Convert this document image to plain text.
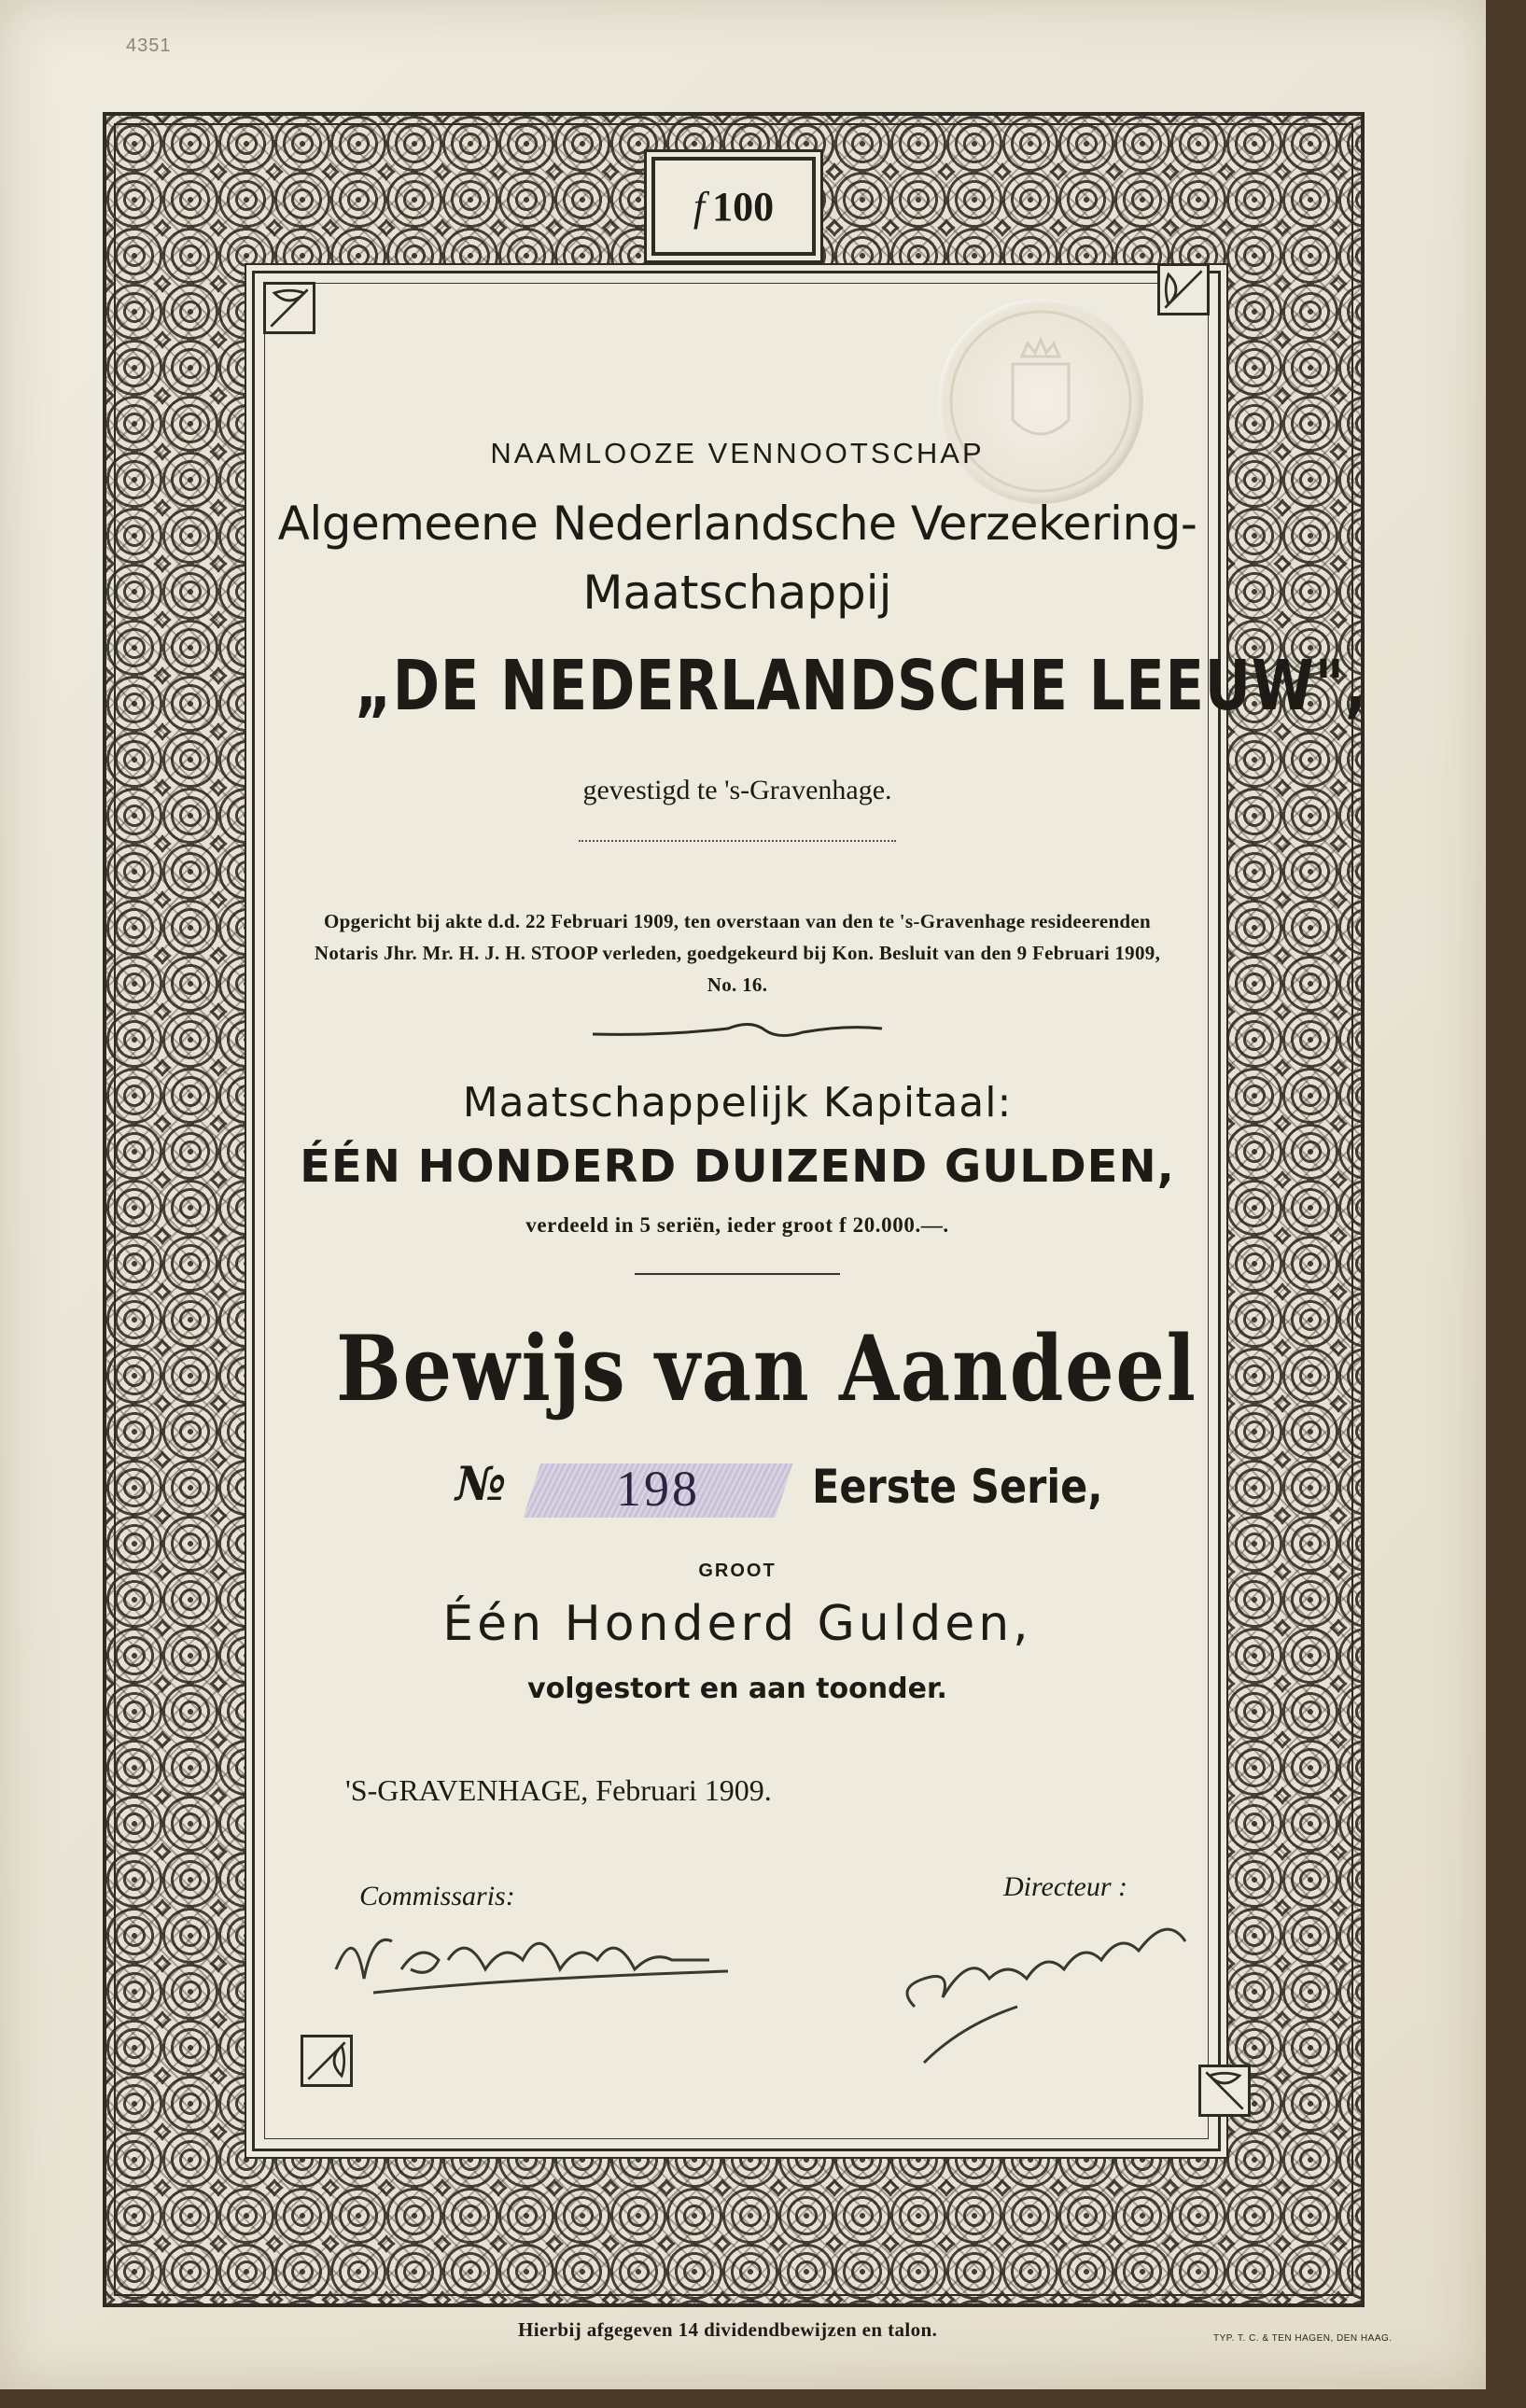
4351
f 100
NAAMLOOZE VENNOOTSCHAP
Algemeene Nederlandsche Verzekering-
Maatschappij
„DE NEDERLANDSCHE LEEUW",
gevestigd te 's-Gravenhage.
Opgericht bij akte d.d. 22 Februari 1909, ten overstaan van den te 's-Gravenhage residеerenden Notaris Jhr. Mr. H. J. H. STOOP verleden, goedgekeurd bij Kon. Besluit van den 9 Februari 1909, No. 16.
Maatschappelijk Kapitaal:
ÉÉN HONDERD DUIZEND GULDEN,
verdeeld in 5 seriën, ieder groot f 20.000.—.
Bewijs van Aandeel
№	198	Eerste Serie,
GROOT
Één Honderd Gulden,
volgestort en aan toonder.
'S-GRAVENHAGE, Februari 1909.
Commissaris:	Directeur :
Hierbij afgegeven 14 dividendbewijzen en talon.	TYP. T. C. & TEN HAGEN, DEN HAAG.
